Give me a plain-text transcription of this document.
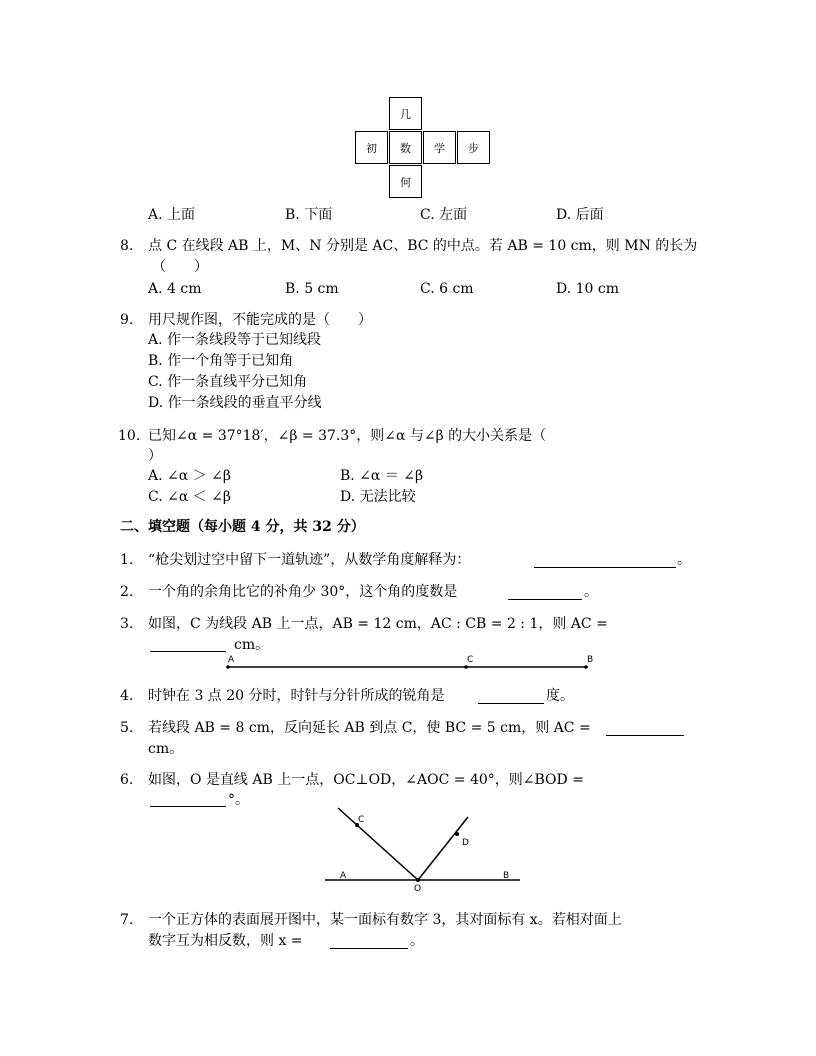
几
初	数	学	步
何
A. 上面	B. 下面	C. 左面	D. 后面
8. 点 C 在线段 AB 上，M、N 分别是 AC、BC 的中点。若 AB = 10 cm，则 MN 的长为
（　　）
A. 4 cm	B. 5 cm	C. 6 cm	D. 10 cm
9. 用尺规作图，不能完成的是（　　）
A. 作一条线段等于已知线段
B. 作一个角等于已知角
C. 作一条直线平分已知角
D. 作一条线段的垂直平分线
10. 已知∠α = 37°18′，∠β = 37.3°，则∠α 与∠β 的大小关系是（
）
A. ∠α ＞ ∠β	B. ∠α ＝ ∠β
C. ∠α ＜ ∠β	D. 无法比较
二、填空题（每小题 4 分，共 32 分）
1. “枪尖划过空中留下一道轨迹”，从数学角度解释为：	。
2. 一个角的余角比它的补角少 30°，这个角的度数是	。
3. 如图，C 为线段 AB 上一点，AB = 12 cm，AC : CB = 2 : 1，则 AC =
cm。
A	C	B
4. 时钟在 3 点 20 分时，时针与分针所成的锐角是	度。
5. 若线段 AB = 8 cm，反向延长 AB 到点 C，使 BC = 5 cm，则 AC =
cm。
6. 如图，O 是直线 AB 上一点，OC⊥OD，∠AOC = 40°，则∠BOD =
°。
C
D
A
O
B
7. 一个正方体的表面展开图中，某一面标有数字 3，其对面标有 x。若相对面上
数字互为相反数，则 x =	。
